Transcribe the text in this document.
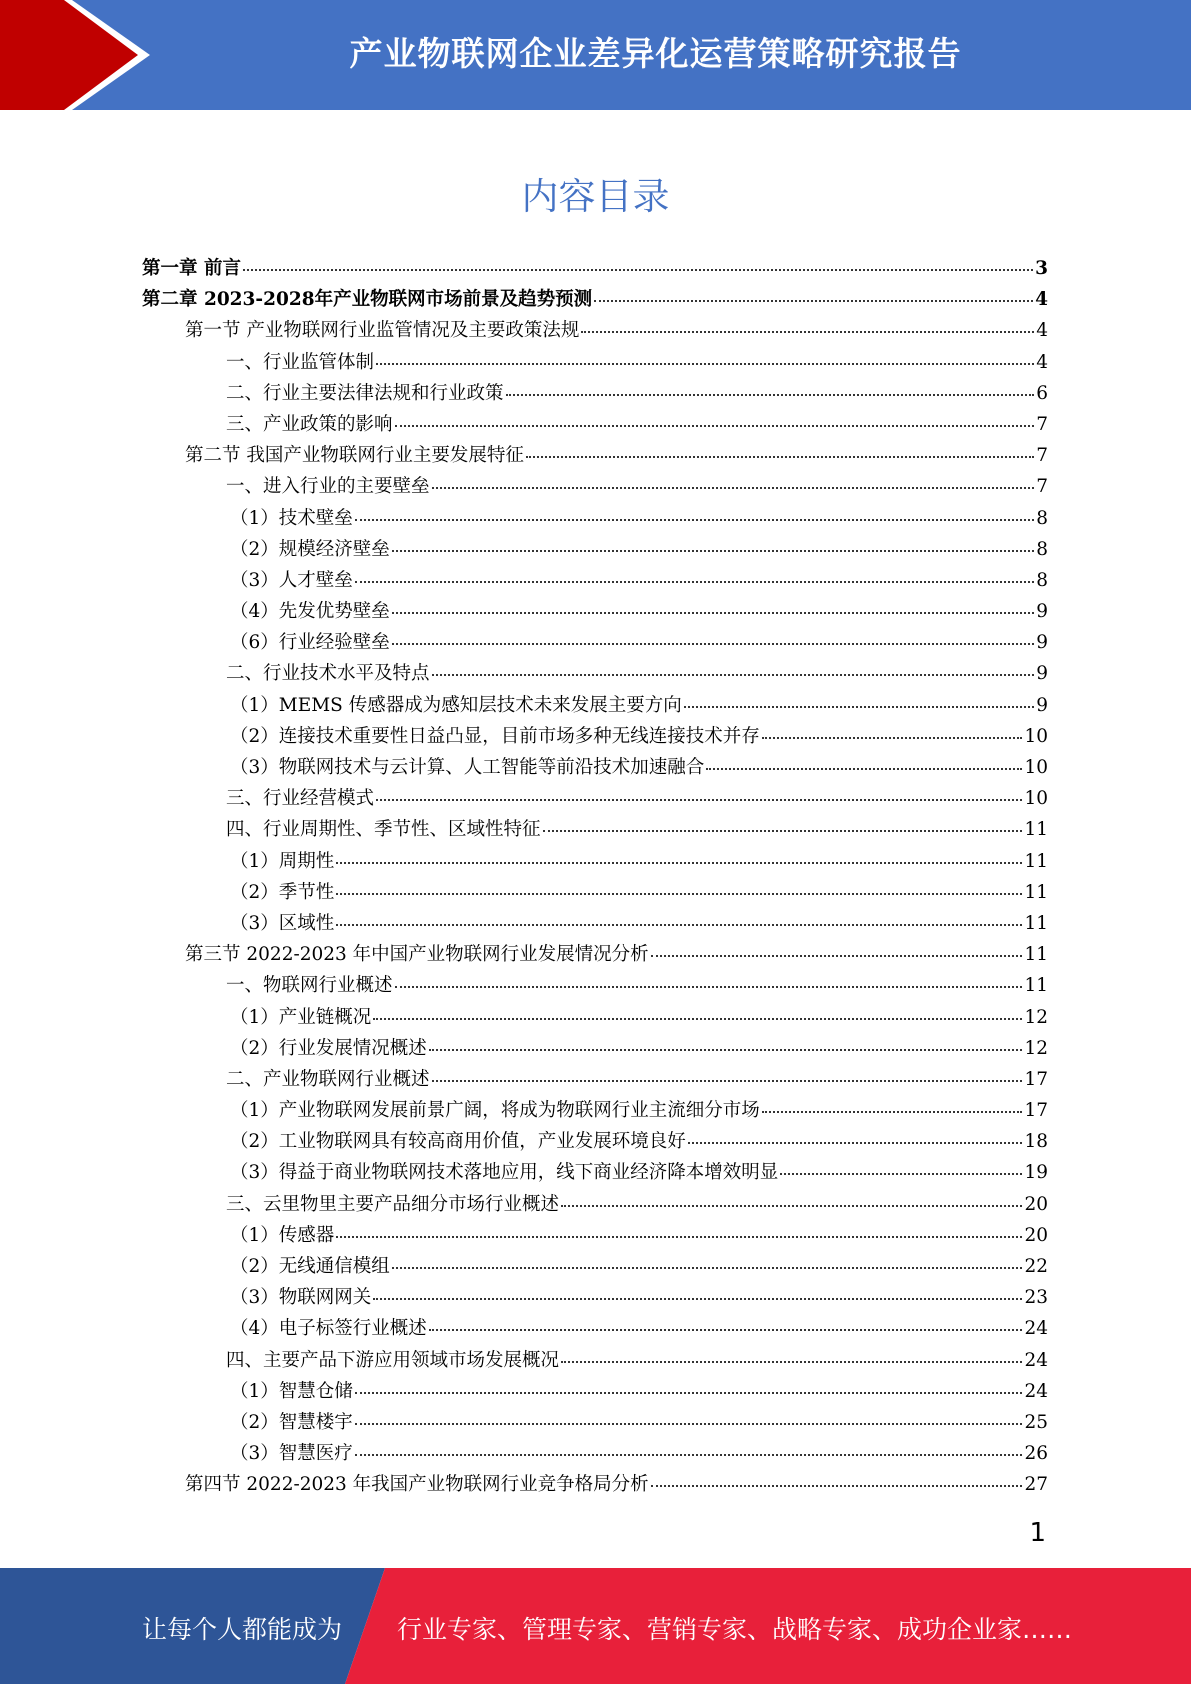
产业物联网企业差异化运营策略研究报告
内容目录
第一章 前言	3
第二章 2023-2028年产业物联网市场前景及趋势预测	4
第一节 产业物联网行业监管情况及主要政策法规	4
一、行业监管体制	4
二、行业主要法律法规和行业政策	6
三、产业政策的影响	7
第二节 我国产业物联网行业主要发展特征	7
一、进入行业的主要壁垒	7
（1）技术壁垒	8
（2）规模经济壁垒	8
（3）人才壁垒	8
（4）先发优势壁垒	9
（6）行业经验壁垒	9
二、行业技术水平及特点	9
（1）MEMS 传感器成为感知层技术未来发展主要方向	9
（2）连接技术重要性日益凸显，目前市场多种无线连接技术并存	10
（3）物联网技术与云计算、人工智能等前沿技术加速融合	10
三、行业经营模式	10
四、行业周期性、季节性、区域性特征	11
（1）周期性	11
（2）季节性	11
（3）区域性	11
第三节 2022-2023 年中国产业物联网行业发展情况分析	11
一、物联网行业概述	11
（1）产业链概况	12
（2）行业发展情况概述	12
二、产业物联网行业概述	17
（1）产业物联网发展前景广阔，将成为物联网行业主流细分市场	17
（2）工业物联网具有较高商用价值，产业发展环境良好	18
（3）得益于商业物联网技术落地应用，线下商业经济降本增效明显	19
三、云里物里主要产品细分市场行业概述	20
（1）传感器	20
（2）无线通信模组	22
（3）物联网网关	23
（4）电子标签行业概述	24
四、主要产品下游应用领域市场发展概况	24
（1）智慧仓储	24
（2）智慧楼宇	25
（3）智慧医疗	26
第四节 2022-2023 年我国产业物联网行业竞争格局分析	27
1
让每个人都能成为 行业专家、管理专家、营销专家、战略专家、成功企业家……
